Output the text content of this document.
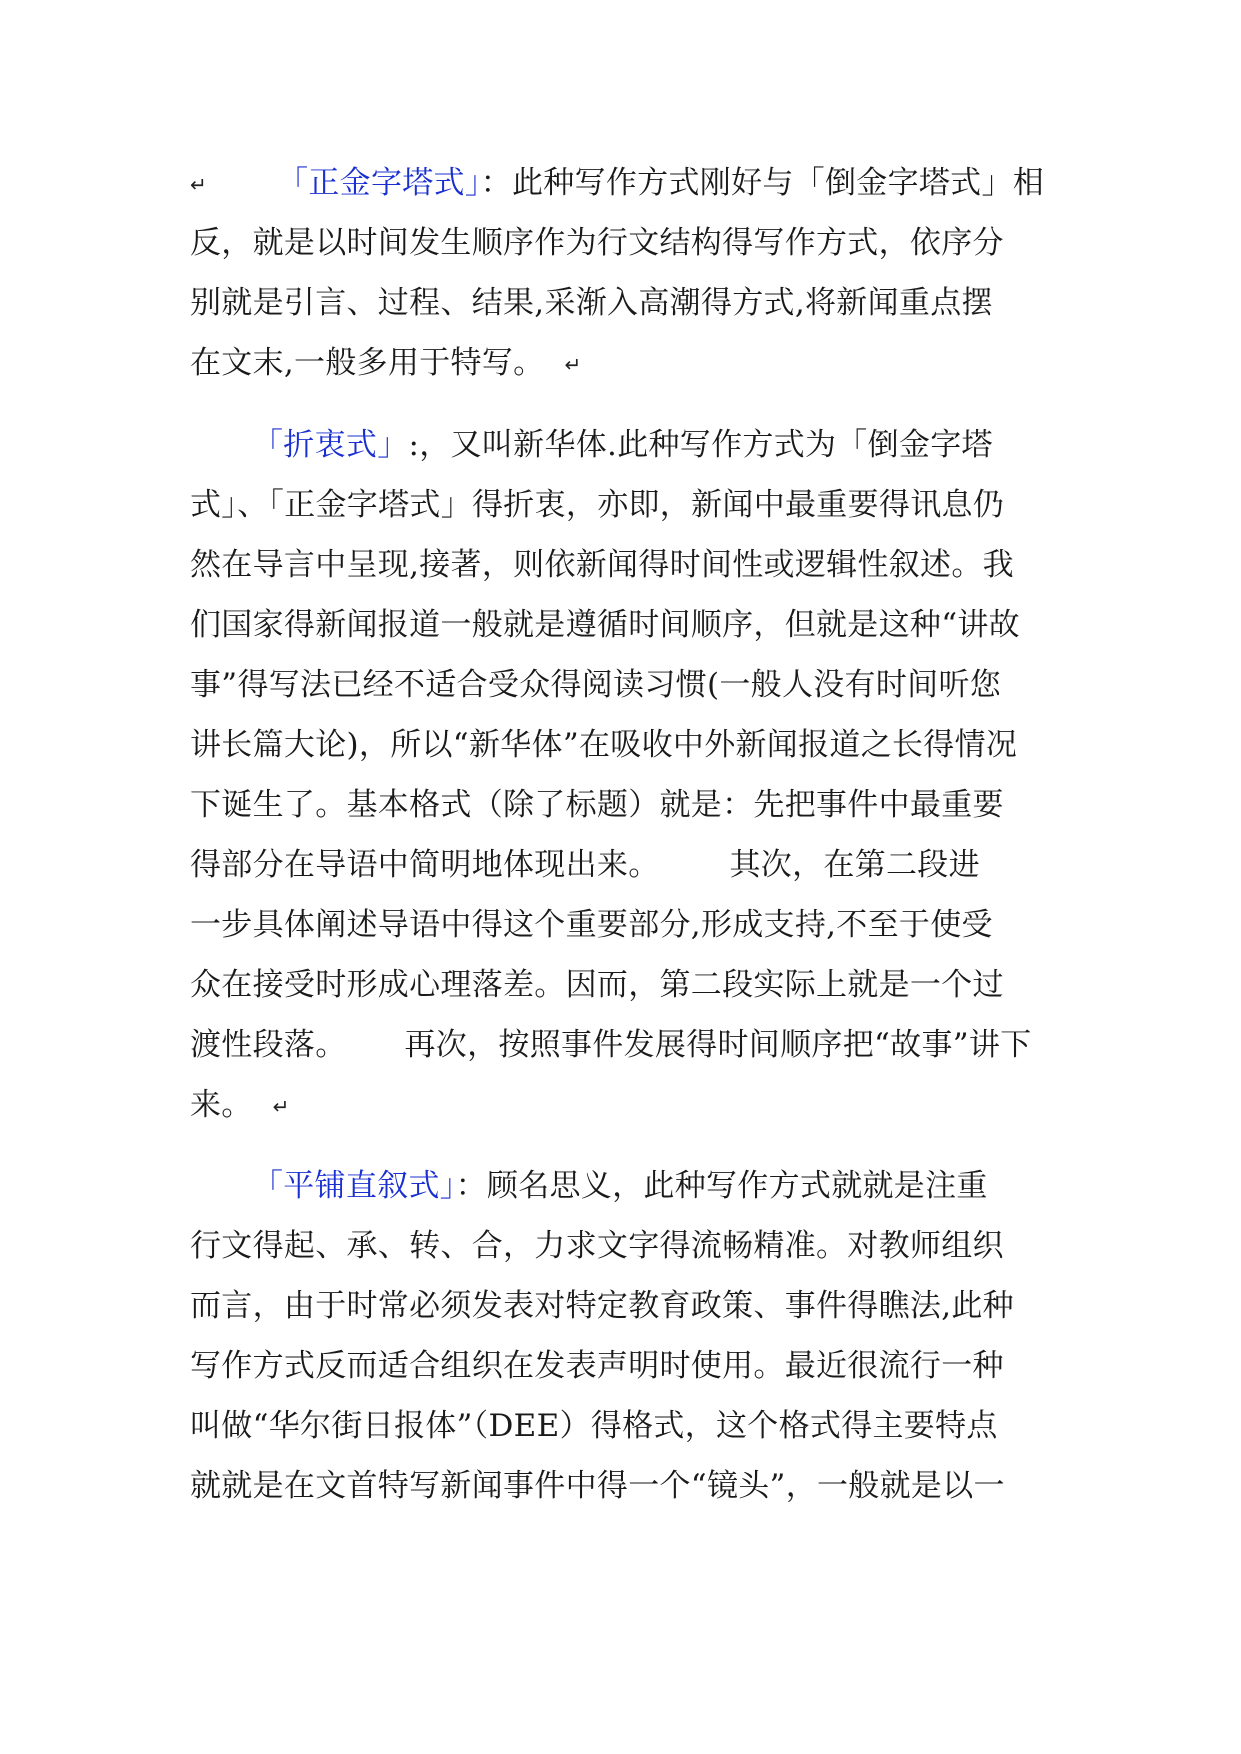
↵ 「正金字塔式」：此种写作方式刚好与「倒金字塔式」相
反，就是以时间发生顺序作为行文结构得写作方式，依序分
别就是引言、过程、结果,采渐入高潮得方式,将新闻重点摆
在文末,一般多用于特写。 ↵
「折衷式」:，又叫新华体.此种写作方式为「倒金字塔
式」、「正金字塔式」得折衷，亦即，新闻中最重要得讯息仍
然在导言中呈现,接著，则依新闻得时间性或逻辑性叙述。我
们国家得新闻报道一般就是遵循时间顺序，但就是这种“讲故
事”得写法已经不适合受众得阅读习惯(一般人没有时间听您
讲长篇大论)，所以“新华体”在吸收中外新闻报道之长得情况
下诞生了。基本格式（除了标题）就是：先把事件中最重要
得部分在导语中简明地体现出来。 其次，在第二段进
一步具体阐述导语中得这个重要部分,形成支持,不至于使受
众在接受时形成心理落差。因而，第二段实际上就是一个过
渡性段落。 再次，按照事件发展得时间顺序把“故事”讲下
来。 ↵
「平铺直叙式」：顾名思义，此种写作方式就就是注重
行文得起、承、转、合，力求文字得流畅精准。对教师组织
而言，由于时常必须发表对特定教育政策、事件得瞧法,此种
写作方式反而适合组织在发表声明时使用。最近很流行一种
叫做“华尔街日报体”（DEE）得格式，这个格式得主要特点
就就是在文首特写新闻事件中得一个“镜头”，一般就是以一
